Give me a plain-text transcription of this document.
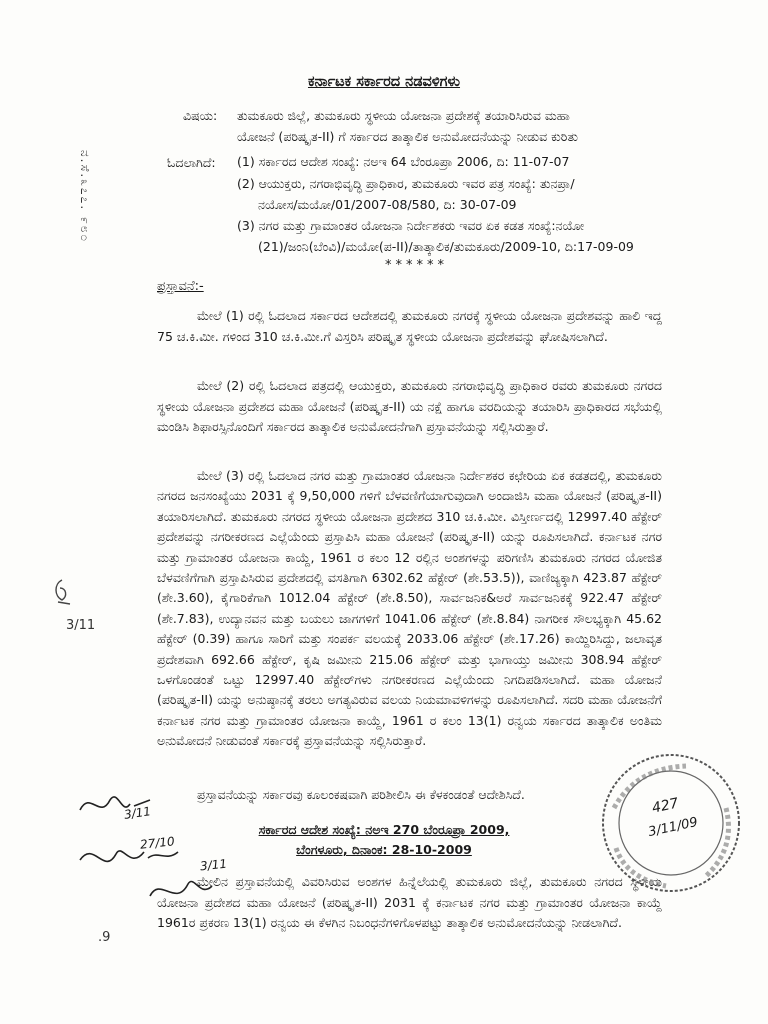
ಕರ್ನಾಟಕ ಸರ್ಕಾರದ ನಡವಳಿಗಳು
ವಿಷಯ: ತುಮಕೂರು ಜಿಲ್ಲೆ, ತುಮಕೂರು ಸ್ಥಳೀಯ ಯೋಜನಾ ಪ್ರದೇಶಕ್ಕೆ ತಯಾರಿಸಿರುವ ಮಹಾ
ಯೋಜನೆ (ಪರಿಷ್ಕೃತ-II) ಗೆ ಸರ್ಕಾರದ ತಾತ್ಕಾಲಿಕ ಅನುಮೋದನೆಯನ್ನು ನೀಡುವ ಕುರಿತು
ಓದಲಾಗಿದೆ: (1) ಸರ್ಕಾರದ ಆದೇಶ ಸಂಖ್ಯೆ: ನಅಇ 64 ಬೆಂರೂಪ್ರಾ 2006, ದಿ: 11-07-07
(2) ಆಯುಕ್ತರು, ನಗರಾಭಿವೃದ್ಧಿ ಪ್ರಾಧಿಕಾರ, ತುಮಕೂರು ಇವರ ಪತ್ರ ಸಂಖ್ಯೆ: ತುನಪ್ರಾ/
ನಯೋಸ/ಮಯೋ/01/2007-08/580, ದಿ: 30-07-09
(3) ನಗರ ಮತ್ತು ಗ್ರಾಮಾಂತರ ಯೋಜನಾ ನಿರ್ದೇಶಕರು ಇವರ ಏಕ ಕಡತ ಸಂಖ್ಯೆ:ನಯೋ
(21)/ಜಂನಿ(ಬೆಂವಿ)/ಮಯೋ(ಪ-II)/ತಾತ್ಕಾಲಿಕ/ತುಮಕೂರು/2009-10, ದಿ:17-09-09
******
ಪ್ರಸ್ತಾವನೆ:-
ಮೇಲೆ (1) ರಲ್ಲಿ ಓದಲಾದ ಸರ್ಕಾರದ ಆದೇಶದಲ್ಲಿ ತುಮಕೂರು ನಗರಕ್ಕೆ ಸ್ಥಳೀಯ ಯೋಜನಾ ಪ್ರದೇಶವನ್ನು ಹಾಲಿ ಇದ್ದ 75 ಚ.ಕಿ.ಮೀ. ಗಳಿಂದ 310 ಚ.ಕಿ.ಮೀ.ಗೆ ವಿಸ್ತರಿಸಿ ಪರಿಷ್ಕೃತ ಸ್ಥಳೀಯ ಯೋಜನಾ ಪ್ರದೇಶವನ್ನು ಘೋಷಿಸಲಾಗಿದೆ.
ಮೇಲೆ (2) ರಲ್ಲಿ ಓದಲಾದ ಪತ್ರದಲ್ಲಿ ಆಯುಕ್ತರು, ತುಮಕೂರು ನಗರಾಭಿವೃದ್ಧಿ ಪ್ರಾಧಿಕಾರ ರವರು ತುಮಕೂರು ನಗರದ ಸ್ಥಳೀಯ ಯೋಜನಾ ಪ್ರದೇಶದ ಮಹಾ ಯೋಜನೆ (ಪರಿಷ್ಕೃತ-II) ಯ ನಕ್ಷೆ ಹಾಗೂ ವರದಿಯನ್ನು ತಯಾರಿಸಿ ಪ್ರಾಧಿಕಾರದ ಸಭೆಯಲ್ಲಿ ಮಂಡಿಸಿ ಶಿಫಾರಸ್ಸಿನೊಂದಿಗೆ ಸರ್ಕಾರದ ತಾತ್ಕಾಲಿಕ ಅನುಮೋದನೆಗಾಗಿ ಪ್ರಸ್ತಾವನೆಯನ್ನು ಸಲ್ಲಿಸಿರುತ್ತಾರೆ.
ಮೇಲೆ (3) ರಲ್ಲಿ ಓದಲಾದ ನಗರ ಮತ್ತು ಗ್ರಾಮಾಂತರ ಯೋಜನಾ ನಿರ್ದೇಶಕರ ಕಛೇರಿಯ ಏಕ ಕಡತದಲ್ಲಿ, ತುಮಕೂರು ನಗರದ ಜನಸಂಖ್ಯೆಯು 2031 ಕ್ಕೆ 9,50,000 ಗಳಿಗೆ ಬೆಳವಣಿಗೆಯಾಗುವುದಾಗಿ ಅಂದಾಜಿಸಿ ಮಹಾ ಯೋಜನೆ (ಪರಿಷ್ಕೃತ-II) ತಯಾರಿಸಲಾಗಿದೆ. ತುಮಕೂರು ನಗರದ ಸ್ಥಳೀಯ ಯೋಜನಾ ಪ್ರದೇಶದ 310 ಚ.ಕಿ.ಮೀ. ವಿಸ್ತೀರ್ಣದಲ್ಲಿ 12997.40 ಹೆಕ್ಟೇರ್ ಪ್ರದೇಶವನ್ನು ನಗರೀಕರಣದ ಎಲ್ಲೆಯೆಂದು ಪ್ರಸ್ತಾಪಿಸಿ ಮಹಾ ಯೋಜನೆ (ಪರಿಷ್ಕೃತ-II) ಯನ್ನು ರೂಪಿಸಲಾಗಿದೆ. ಕರ್ನಾಟಕ ನಗರ ಮತ್ತು ಗ್ರಾಮಾಂತರ ಯೋಜನಾ ಕಾಯ್ದೆ, 1961 ರ ಕಲಂ 12 ರಲ್ಲಿನ ಅಂಶಗಳನ್ನು ಪರಿಗಣಿಸಿ ತುಮಕೂರು ನಗರದ ಯೋಜಿತ ಬೆಳವಣಿಗೆಗಾಗಿ ಪ್ರಸ್ತಾಪಿಸಿರುವ ಪ್ರದೇಶದಲ್ಲಿ ವಸತಿಗಾಗಿ 6302.62 ಹೆಕ್ಟೇರ್ (ಶೇ.53.5)), ವಾಣಿಜ್ಯಕ್ಕಾಗಿ 423.87 ಹೆಕ್ಟೇರ್ (ಶೇ.3.60), ಕೈಗಾರಿಕೆಗಾಗಿ 1012.04 ಹೆಕ್ಟೇರ್ (ಶೇ.8.50), ಸಾರ್ವಜನಿಕ&ಅರೆ ಸಾರ್ವಜನಿಕಕ್ಕೆ 922.47 ಹೆಕ್ಟೇರ್ (ಶೇ.7.83), ಉದ್ಯಾನವನ ಮತ್ತು ಬಯಲು ಜಾಗಗಳಿಗೆ 1041.06 ಹೆಕ್ಟೇರ್ (ಶೇ.8.84) ನಾಗರೀಕ ಸೌಲಭ್ಯಕ್ಕಾಗಿ 45.62 ಹೆಕ್ಟೇರ್ (0.39) ಹಾಗೂ ಸಾರಿಗೆ ಮತ್ತು ಸಂಪರ್ಕ ವಲಯಕ್ಕೆ 2033.06 ಹೆಕ್ಟೇರ್ (ಶೇ.17.26) ಕಾಯ್ದಿರಿಸಿದ್ದು, ಜಲಾವೃತ ಪ್ರದೇಶವಾಗಿ 692.66 ಹೆಕ್ಟೇರ್, ಕೃಷಿ ಜಮೀನು 215.06 ಹೆಕ್ಟೇರ್ ಮತ್ತು ಭಾಗಾಯ್ತು ಜಮೀನು 308.94 ಹೆಕ್ಟೇರ್ ಒಳಗೊಂಡಂತೆ ಒಟ್ಟು 12997.40 ಹೆಕ್ಟೇರ್‌ಗಳು ನಗರೀಕರಣದ ಎಲ್ಲೆಯೆಂದು ನಿಗದಿಪಡಿಸಲಾಗಿದೆ. ಮಹಾ ಯೋಜನೆ (ಪರಿಷ್ಕೃತ-II) ಯನ್ನು ಅನುಷ್ಠಾನಕ್ಕೆ ತರಲು ಅಗತ್ಯವಿರುವ ವಲಯ ನಿಯಮಾವಳಿಗಳನ್ನು ರೂಪಿಸಲಾಗಿದೆ. ಸದರಿ ಮಹಾ ಯೋಜನೆಗೆ ಕರ್ನಾಟಕ ನಗರ ಮತ್ತು ಗ್ರಾಮಾಂತರ ಯೋಜನಾ ಕಾಯ್ದೆ, 1961 ರ ಕಲಂ 13(1) ರನ್ವಯ ಸರ್ಕಾರದ ತಾತ್ಕಾಲಿಕ ಅಂತಿಮ ಅನುಮೋದನೆ ನೀಡುವಂತೆ ಸರ್ಕಾರಕ್ಕೆ ಪ್ರಸ್ತಾವನೆಯನ್ನು ಸಲ್ಲಿಸಿರುತ್ತಾರೆ.
ಪ್ರಸ್ತಾವನೆಯನ್ನು ಸರ್ಕಾರವು ಕೂಲಂಕಷವಾಗಿ ಪರಿಶೀಲಿಸಿ ಈ ಕೆಳಕಂಡಂತೆ ಆದೇಶಿಸಿದೆ.
ಸರ್ಕಾರದ ಆದೇಶ ಸಂಖ್ಯೆ: ನಅಇ 270 ಬೆಂರೂಪ್ರಾ 2009,
ಬೆಂಗಳೂರು, ದಿನಾಂಕ: 28-10-2009
ಮೇಲಿನ ಪ್ರಸ್ತಾವನೆಯಲ್ಲಿ ವಿವರಿಸಿರುವ ಅಂಶಗಳ ಹಿನ್ನೆಲೆಯಲ್ಲಿ ತುಮಕೂರು ಜಿಲ್ಲೆ, ತುಮಕೂರು ನಗರದ ಸ್ಥಳೀಯ ಯೋಜನಾ ಪ್ರದೇಶದ ಮಹಾ ಯೋಜನೆ (ಪರಿಷ್ಕೃತ-II) 2031 ಕ್ಕೆ ಕರ್ನಾಟಕ ನಗರ ಮತ್ತು ಗ್ರಾಮಾಂತರ ಯೋಜನಾ ಕಾಯ್ದೆ 1961ರ ಪ್ರಕರಣ 13(1) ರನ್ವಯ ಈ ಕೆಳಗಿನ ನಿಬಂಧನೆಗಳಿಗೊಳಪಟ್ಟು ತಾತ್ಕಾಲಿಕ ಅನುಮೋದನೆಯನ್ನು ನೀಡಲಾಗಿದೆ.
ನ.ಸೆ.೩೭೭. ೯೮೦
3/11
.9
427
3/11/09
3/11
27/10
3/11
